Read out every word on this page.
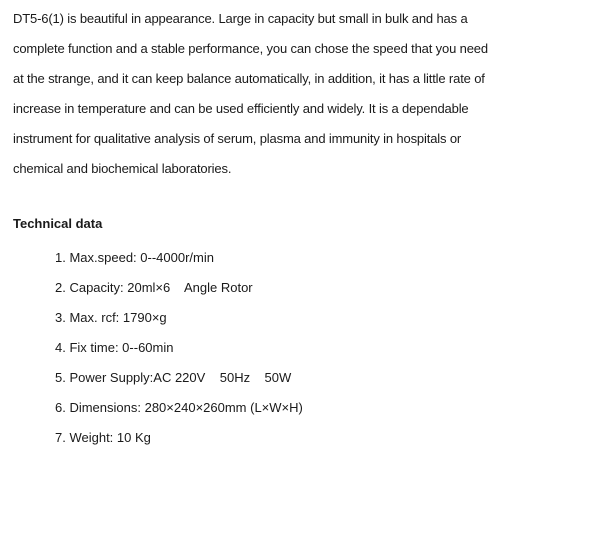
DT5-6(1) is beautiful in appearance. Large in capacity but small in bulk and has a
complete function and a stable performance, you can chose the speed that you need
at the strange, and it can keep balance automatically, in addition, it has a little rate of
increase in temperature and can be used efficiently and widely. It is a dependable
instrument for qualitative analysis of serum, plasma and immunity in hospitals or
chemical and biochemical laboratories.

Technical data
1. Max.speed: 0--4000r/min
2. Capacity: 20ml×6    Angle Rotor
3. Max. rcf: 1790×g
4. Fix time: 0--60min
5. Power Supply:AC 220V    50Hz    50W
6. Dimensions: 280×240×260mm (L×W×H)
7. Weight: 10 Kg
